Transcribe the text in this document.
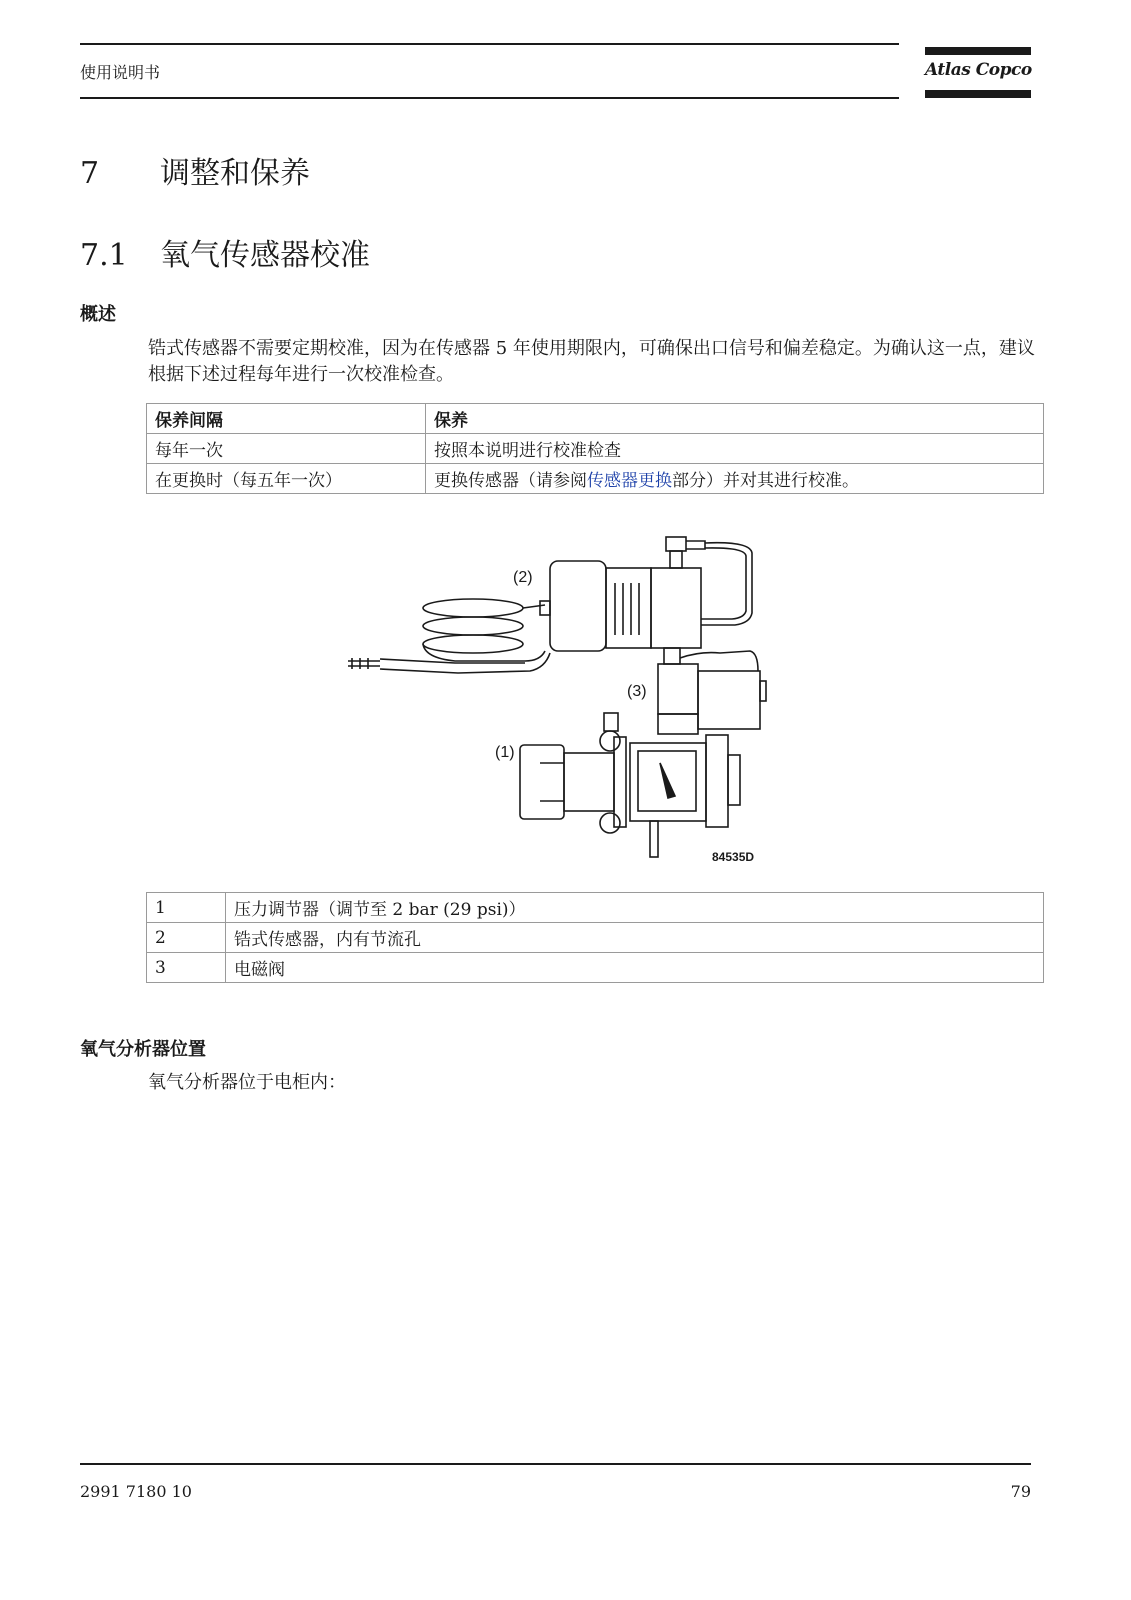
使用说明书	Atlas Copco
7 调整和保养
7.1 氧气传感器校准
概述
锆式传感器不需要定期校准，因为在传感器 5 年使用期限内，可确保出口信号和偏差稳定。为确认这一点，建议根据下述过程每年进行一次校准检查。
保养间隔	保养
每年一次	按照本说明进行校准检查
在更换时（每五年一次）	更换传感器（请参阅传感器更换部分）并对其进行校准。
(2)
(3)
(1)
84535D
1	压力调节器（调节至 2 bar (29 psi)）
2	锆式传感器，内有节流孔
3	电磁阀
氧气分析器位置
氧气分析器位于电柜内：
2991 7180 10	79
